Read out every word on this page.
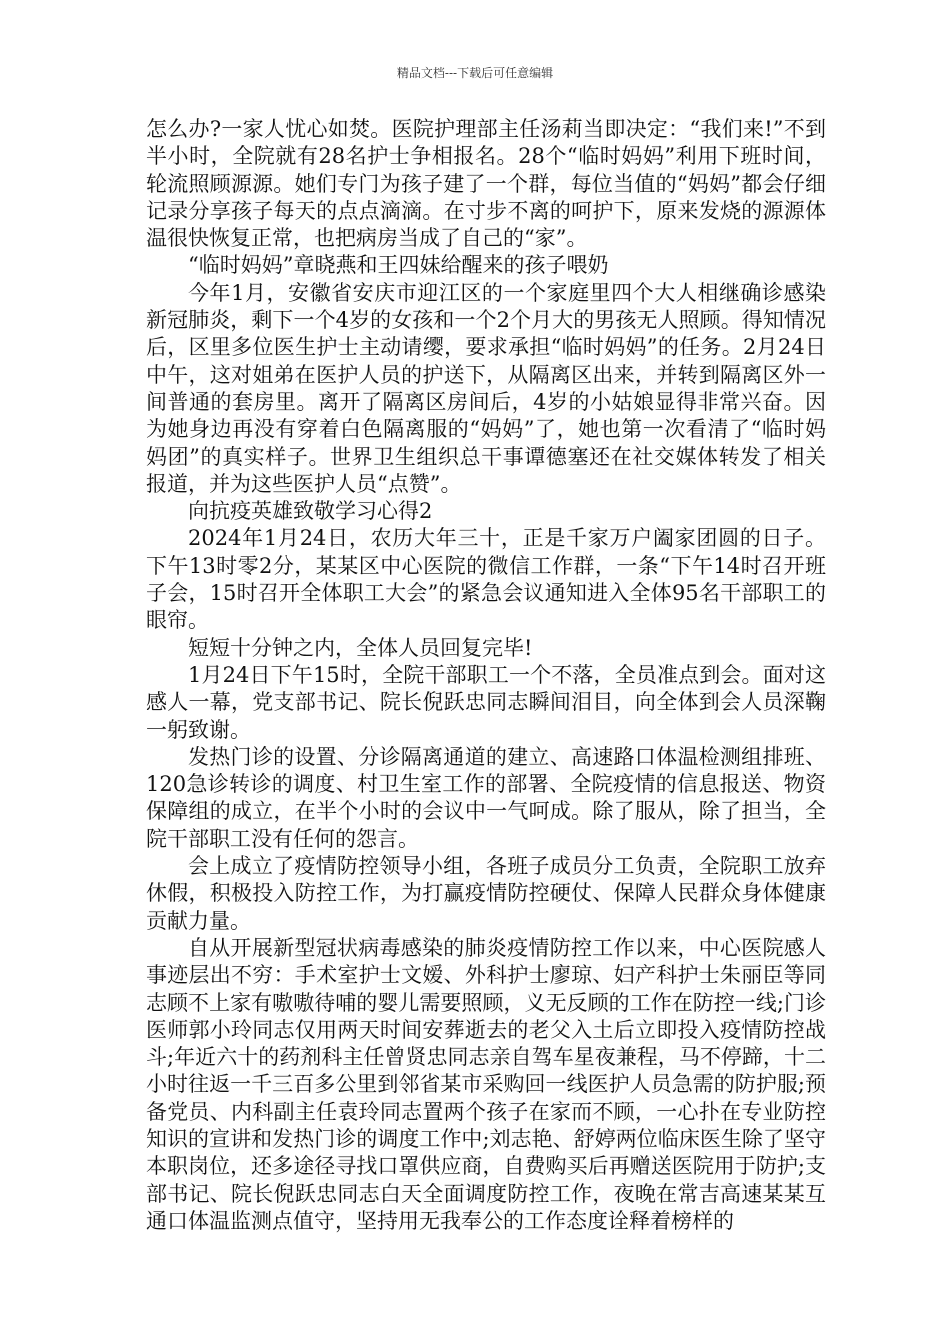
精品文档---下载后可任意编辑

怎么办?一家人忧心如焚。医院护理部主任汤莉当即决定：“我们来!”不到半小时，全院就有28名护士争相报名。28个“临时妈妈”利用下班时间，轮流照顾源源。她们专门为孩子建了一个群，每位当值的“妈妈”都会仔细记录分享孩子每天的点点滴滴。在寸步不离的呵护下，原来发烧的源源体温很快恢复正常，也把病房当成了自己的“家”。

“临时妈妈”章晓燕和王四妹给醒来的孩子喂奶

今年1月，安徽省安庆市迎江区的一个家庭里四个大人相继确诊感染新冠肺炎，剩下一个4岁的女孩和一个2个月大的男孩无人照顾。得知情况后，区里多位医生护士主动请缨，要求承担“临时妈妈”的任务。2月24日中午，这对姐弟在医护人员的护送下，从隔离区出来，并转到隔离区外一间普通的套房里。离开了隔离区房间后，4岁的小姑娘显得非常兴奋。因为她身边再没有穿着白色隔离服的“妈妈”了，她也第一次看清了“临时妈妈团”的真实样子。世界卫生组织总干事谭德塞还在社交媒体转发了相关报道，并为这些医护人员“点赞”。

向抗疫英雄致敬学习心得2

2024年1月24日，农历大年三十，正是千家万户阖家团圆的日子。下午13时零2分，某某区中心医院的微信工作群，一条“下午14时召开班子会，15时召开全体职工大会”的紧急会议通知进入全体95名干部职工的眼帘。

短短十分钟之内，全体人员回复完毕!

1月24日下午15时，全院干部职工一个不落，全员准点到会。面对这感人一幕，党支部书记、院长倪跃忠同志瞬间泪目，向全体到会人员深鞠一躬致谢。

发热门诊的设置、分诊隔离通道的建立、高速路口体温检测组排班、120急诊转诊的调度、村卫生室工作的部署、全院疫情的信息报送、物资保障组的成立，在半个小时的会议中一气呵成。除了服从，除了担当，全院干部职工没有任何的怨言。

会上成立了疫情防控领导小组，各班子成员分工负责，全院职工放弃休假，积极投入防控工作，为打赢疫情防控硬仗、保障人民群众身体健康贡献力量。

自从开展新型冠状病毒感染的肺炎疫情防控工作以来，中心医院感人事迹层出不穷：手术室护士文嫒、外科护士廖琼、妇产科护士朱丽臣等同志顾不上家有嗷嗷待哺的婴儿需要照顾，义无反顾的工作在防控一线;门诊医师郭小玲同志仅用两天时间安葬逝去的老父入土后立即投入疫情防控战斗;年近六十的药剂科主任曾贤忠同志亲自驾车星夜兼程，马不停蹄，十二小时往返一千三百多公里到邻省某市采购回一线医护人员急需的防护服;预备党员、内科副主任袁玲同志置两个孩子在家而不顾，一心扑在专业防控知识的宣讲和发热门诊的调度工作中;刘志艳、舒婷两位临床医生除了坚守本职岗位，还多途径寻找口罩供应商，自费购买后再赠送医院用于防护;支部书记、院长倪跃忠同志白天全面调度防控工作，夜晚在常吉高速某某互通口体温监测点值守，坚持用无我奉公的工作态度诠释着榜样的
